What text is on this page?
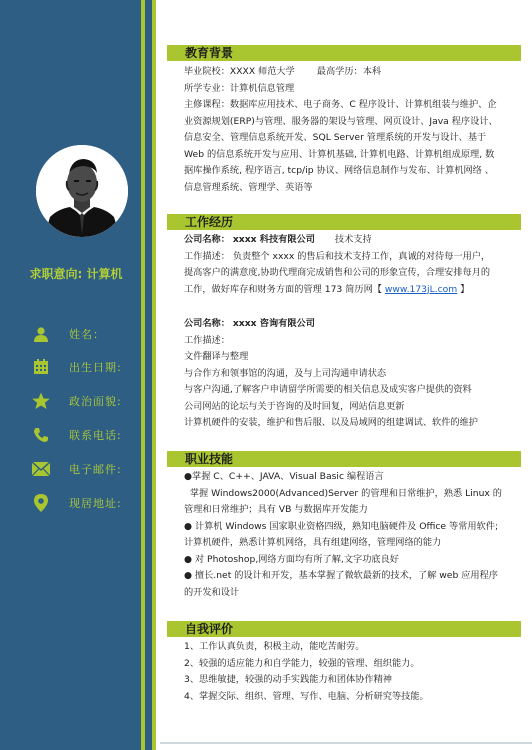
求职意向: 计算机
姓名：
出生日期:
政治面貌:
联系电话:
电子邮件:
现居地址:
教育背景

毕业院校：XXXX 师范大学 最高学历：本科

所学专业：计算机信息管理

主修课程：数据库应用技术、电子商务、C 程序设计、计算机组装与维护、企

业资源规划(ERP)与管理、服务器的架设与管理、网页设计、Java 程序设计、

信息安全、管理信息系统开发、SQL Server 管理系统的开发与设计、基于

Web 的信息系统开发与应用、计算机基础, 计算机电路、计算机组成原理, 数

据库操作系统, 程序语言, tcp/ip 协议、网络信息制作与发布、计算机网络 、

信息管理系统、管理学、英语等

工作经历

公司名称： xxxx 科技有限公司 技术支持

工作描述： 负责整个 xxxx 的售后和技术支持工作，真诚的对待每一用户，

提高客户的满意度,协助代理商完成销售和公司的形象宣传，合理安排每月的

工作，做好库存和财务方面的管理 173 简历网【 www.173jL.com 】

公司名称： xxxx 咨询有限公司

工作描述：

文件翻译与整理

与合作方和领事馆的沟通，及与上司沟通申请状态

与客户沟通,了解客户申请留学所需要的相关信息及成实客户提供的资料

公司网站的论坛与关于咨询的及时回复，网站信息更新

计算机硬件的安装，维护和售后服、以及局域网的组建调试、软件的维护

职业技能

●掌握 C、C++、JAVA、Visual Basic 编程语言

掌握 Windows2000(Advanced)Server 的管理和日常维护，熟悉 Linux 的

管理和日常维护；具有 VB 与数据库开发能力

● 计算机 Windows 国家职业资格四级，熟知电脑硬件及 Office 等常用软件;

计算机硬件，熟悉计算机网络，具有组建网络，管理网络的能力

● 对 Photoshop,网络方面均有所了解,文字功底良好

● 擅长.net 的设计和开发，基本掌握了微软最新的技术，了解 web 应用程序

的开发和设计

自我评价

1、工作认真负责，积极主动，能吃苦耐劳。

2、较强的适应能力和自学能力，较强的管理、组织能力。

3、思维敏捷，较强的动手实践能力和团体协作精神

4、掌握交际、组织、管理、写作、电脑、分析研究等技能。
